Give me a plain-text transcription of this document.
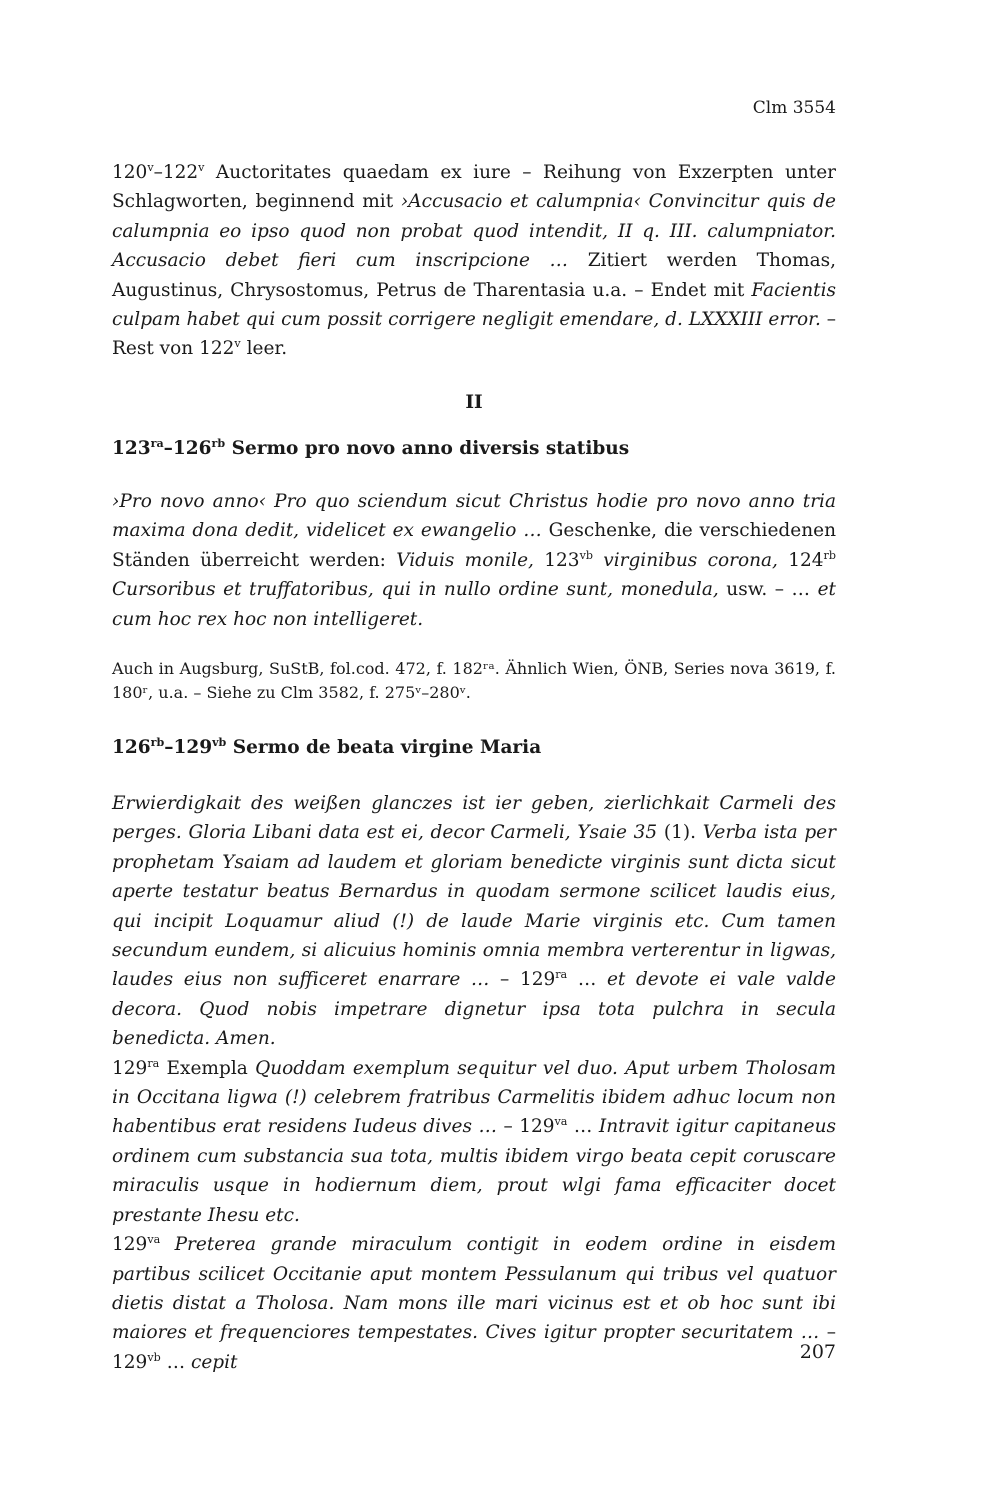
Clm 3554
120$^v$–122$^v$ Auctoritates quaedam ex iure – Reihung von Exzerpten unter Schlagworten, beginnend mit ›Accusacio et calumpnia‹ Convincitur quis de calumpnia eo ipso quod non probat quod intendit, II q. III. calumpniator. Accusacio debet fieri cum inscripcione … Zitiert werden Thomas, Augustinus, Chrysostomus, Petrus de Tharentasia u.a. – Endet mit Facientis culpam habet qui cum possit corrigere negligit emendare, d. LXXXIII error. – Rest von 122$^v$ leer.
II
$123^{ra}-126^{rb}$ Sermo pro novo anno diversis statibus
›Pro novo anno‹ Pro quo sciendum sicut Christus hodie pro novo anno tria maxima dona dedit, videlicet ex ewangelio … Geschenke, die verschiedenen Ständen überreicht werden: Viduis monile, $123^{vb}$ virginibus corona, $124^{rb}$ Cursoribus et truffatoribus, qui in nullo ordine sunt, monedula, usw. – … et cum hoc rex hoc non intelligeret.
Auch in Augsburg, SuStB, fol.cod. 472, f. 182ʳᵃ. Ähnlich Wien, ÖNB, Series nova 3619, f. 180ʳ, u.a. – Siehe zu Clm 3582, f. 275ᵛ–280ᵛ.
$126^{rb}-129^{vb}$ Sermo de beata virgine Maria
Erwierdigkait des weißen glanczes ist ier geben, zierlichkait Carmeli des perges. Gloria Libani data est ei, decor Carmeli, Ysaie 35 (1). Verba ista per prophetam Ysaiam ad laudem et gloriam benedicte virginis sunt dicta sicut aperte testatur beatus Bernardus in quodam sermone scilicet laudis eius, qui incipit Loquamur aliud (!) de laude Marie virginis etc. Cum tamen secundum eundem, si alicuius hominis omnia membra verterentur in ligwas, laudes eius non sufficeret enarrare … – $129^{ra}$ … et devote ei vale valde decora. Quod nobis impetrare dignetur ipsa tota pulchra in secula benedicta. Amen.
$129^{ra}$ Exempla Quoddam exemplum sequitur vel duo. Aput urbem Tholosam in Occitana ligwa (!) celebrem fratribus Carmelitis ibidem adhuc locum non habentibus erat residens Iudeus dives … – $129^{va}$ … Intravit igitur capitaneus ordinem cum substancia sua tota, multis ibidem virgo beata cepit coruscare miraculis usque in hodiernum diem, prout wlgi fama efficaciter docet prestante Ihesu etc.
$129^{va}$ Preterea grande miraculum contigit in eodem ordine in eisdem partibus scilicet Occitanie aput montem Pessulanum qui tribus vel quatuor dietis distat a Tholosa. Nam mons ille mari vicinus est et ob hoc sunt ibi maiores et frequenciores tempestates. Cives igitur propter securitatem … – $129^{vb}$ … cepit	207
